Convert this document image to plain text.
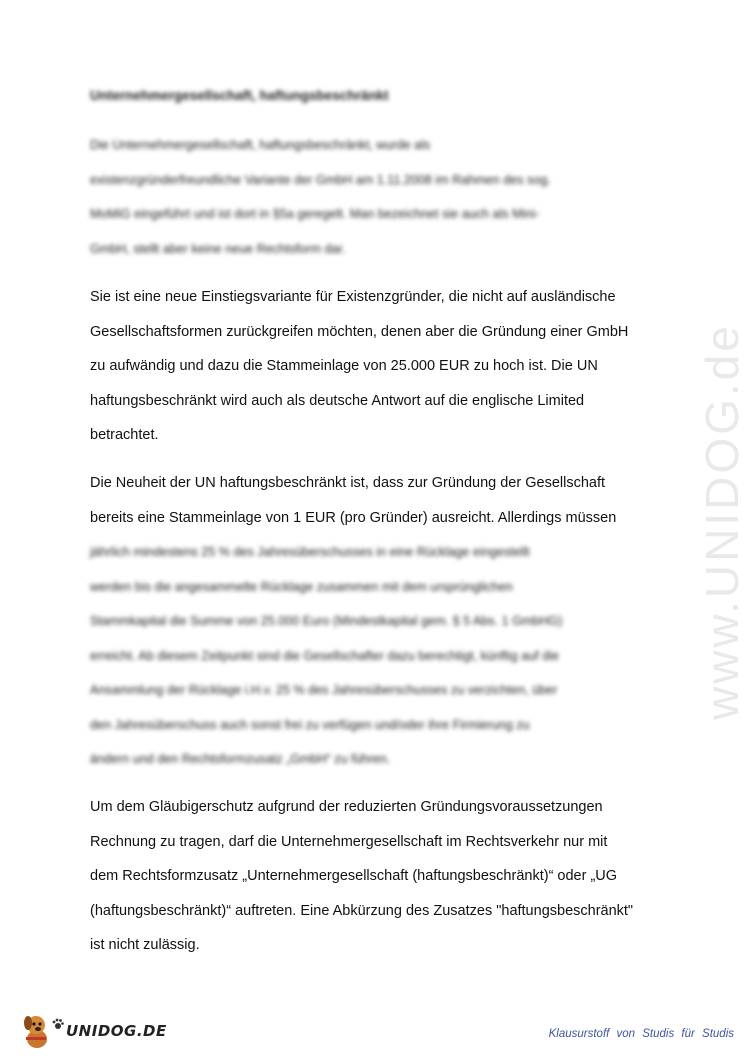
Unternehmergesellschaft, haftungsbeschränkt
Die Unternehmergesellschaft, haftungsbeschränkt, wurde als
existenzgründerfreundliche Variante der GmbH am 1.11.2008 im Rahmen des sog.
MoMiG eingeführt und ist dort in §5a geregelt. Man bezeichnet sie auch als Mini-
GmbH, stellt aber keine neue Rechtsform dar.
Sie ist eine neue Einstiegsvariante für Existenzgründer, die nicht auf ausländische
Gesellschaftsformen zurückgreifen möchten, denen aber die Gründung einer GmbH
zu aufwändig und dazu die Stammeinlage von 25.000 EUR zu hoch ist. Die UN
haftungsbeschränkt wird auch als deutsche Antwort auf die englische Limited
betrachtet.
Die Neuheit der UN haftungsbeschränkt ist, dass zur Gründung der Gesellschaft
bereits eine Stammeinlage von 1 EUR (pro Gründer) ausreicht. Allerdings müssen
jährlich mindestens 25 % des Jahresüberschusses in eine Rücklage eingestellt
werden bis die angesammelte Rücklage zusammen mit dem ursprünglichen
Stammkapital die Summe von 25.000 Euro (Mindestkapital gem. § 5 Abs. 1 GmbHG)
erreicht. Ab diesem Zeitpunkt sind die Gesellschafter dazu berechtigt, künftig auf die
Ansammlung der Rücklage i.H.v. 25 % des Jahresüberschusses zu verzichten, über
den Jahresüberschuss auch sonst frei zu verfügen und/oder ihre Firmierung zu
ändern und den Rechtsformzusatz „GmbH“ zu führen.
Um dem Gläubigerschutz aufgrund der reduzierten Gründungsvoraussetzungen
Rechnung zu tragen, darf die Unternehmergesellschaft im Rechtsverkehr nur mit
dem Rechtsformzusatz „Unternehmergesellschaft (haftungsbeschränkt)“ oder „UG
(haftungsbeschränkt)“ auftreten. Eine Abkürzung des Zusatzes "haftungsbeschränkt"
ist nicht zulässig.
www.UNIDOG.de
UNIDOG.DE	Klausurstoff von Studis für Studis
